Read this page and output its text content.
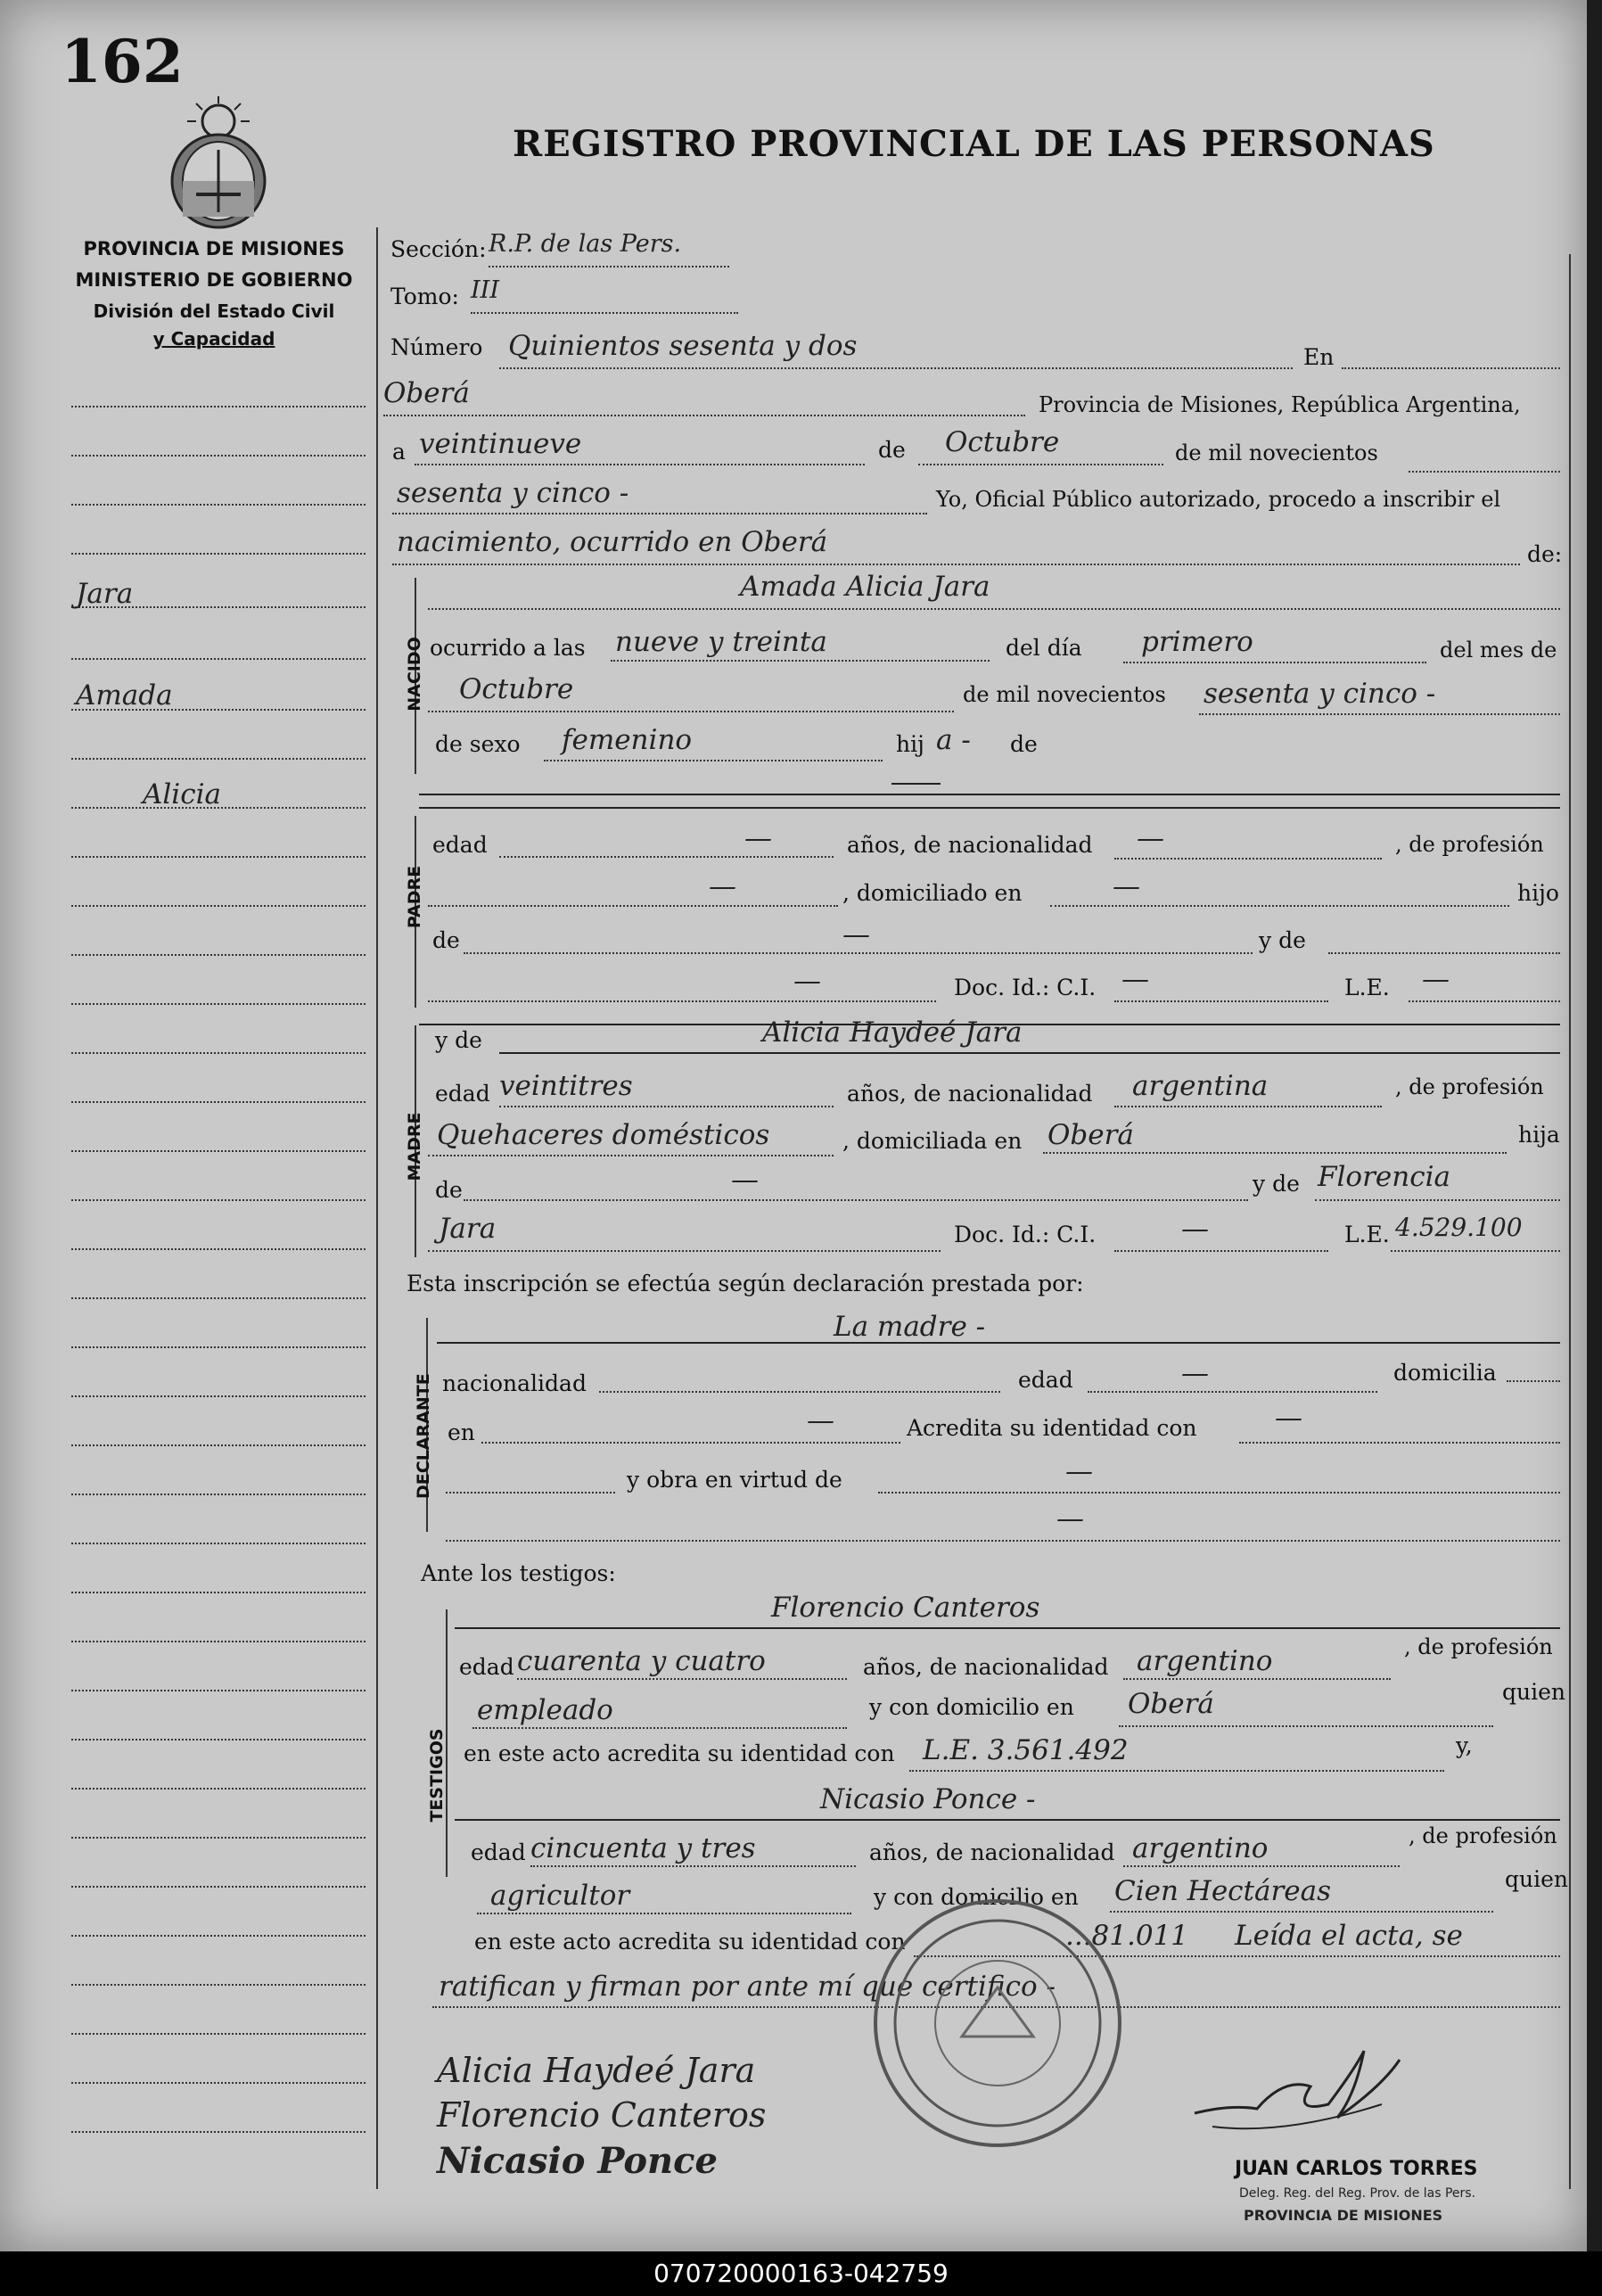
162
REGISTRO PROVINCIAL DE LAS PERSONAS
PROVINCIA DE MISIONES
MINISTERIO DE GOBIERNO
División del Estado Civil
y Capacidad
Jara
Amada
Alicia
Sección: R.P. de las Pers.
Tomo: III
Número Quinientos sesenta y dos	En
Oberá	Provincia de Misiones, República Argentina,
a veintinueve	de Octubre	de mil novecientos
sesenta y cinco -	Yo, Oficial Público autorizado, procedo a inscribir el
nacimiento, ocurrido en Oberá	de:
NACIDO
Amada Alicia Jara
ocurrido a las nueve y treinta	del día primero	del mes de
Octubre	de mil novecientos sesenta y cinco -
de sexo femenino	hij a - de
PADRE
edad	—	años, de nacionalidad —	, de profesión
—	, domiciliado en	—	hijo
de	—	y de
—	Doc. Id.: C.I. —	L.E. —
MADRE
y de	Alicia Haydeé Jara
edad veintitres	años, de nacionalidad argentina	, de profesión
Quehaceres domésticos	, domiciliada en Oberá	hija
de	—	y de Florencia
Jara	Doc. Id.: C.I.	—	L.E. 4.529.100
Esta inscripción se efectúa según declaración prestada por:
DECLARANTE
La madre -
nacionalidad	edad	—	domicilia
en	—	Acredita su identidad con	—
y obra en virtud de	—
—
Ante los testigos:
TESTIGOS
Florencio Canteros
edad cuarenta y cuatro	años, de nacionalidad argentino	, de profesión
empleado	y con domicilio en Oberá	quien
en este acto acredita su identidad con L.E. 3.561.492	y,
Nicasio Ponce -
edad cincuenta y tres	años, de nacionalidad argentino	, de profesión
agricultor	y con domicilio en Cien Hectáreas	quien
en este acto acredita su identidad con	...81.011 Leída el acta, se
ratifican y firman por ante mí que certifico -
Alicia Haydeé Jara
Florencio Canteros
Nicasio Ponce	JUAN CARLOS TORRES
Deleg. Reg. del Reg. Prov. de las Pers.
PROVINCIA DE MISIONES
070720000163-042759
